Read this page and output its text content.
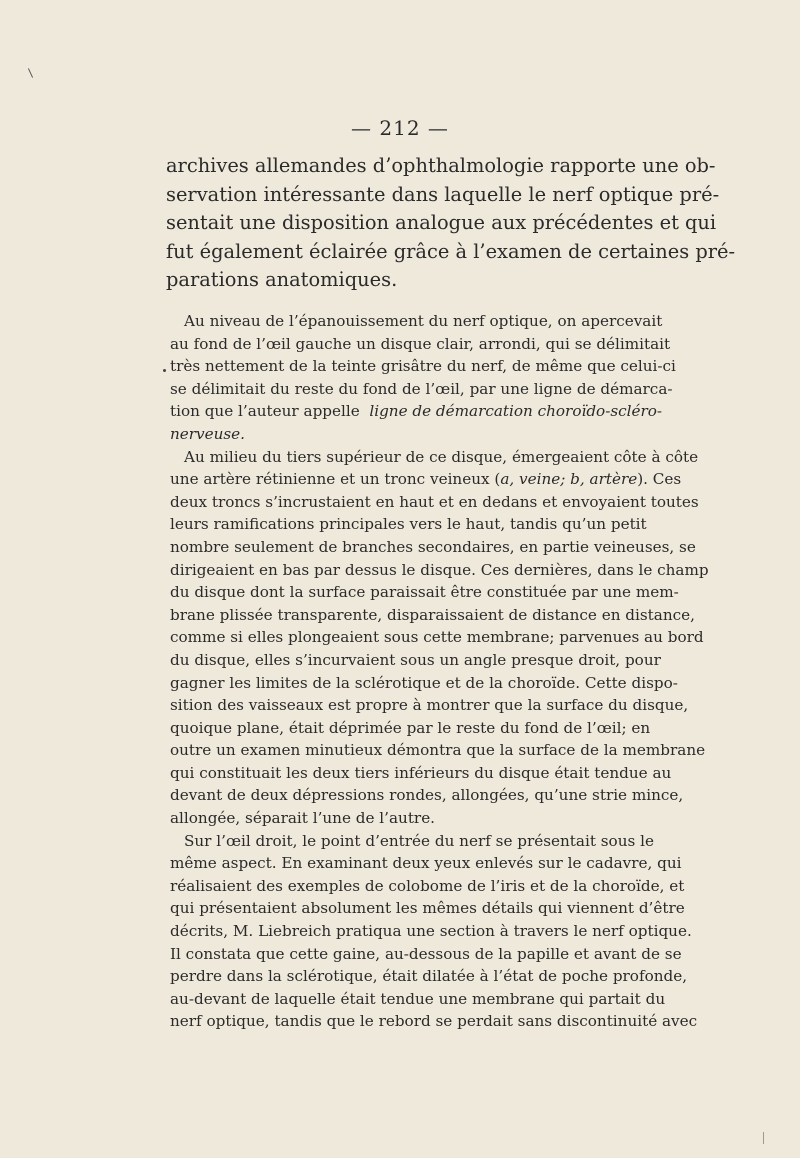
— 212 —
archives allemandes d’ophthalmologie rapporte une ob-
servation intéressante dans laquelle le nerf optique pré-
sentait une disposition analogue aux précédentes et qui
fut également éclairée grâce à l’examen de certaines pré-
parations anatomiques.
Au niveau de l’épanouissement du nerf optique, on apercevait
au fond de l’œil gauche un disque clair, arrondi, qui se délimitait
très nettement de la teinte grisâtre du nerf, de même que celui-ci
se délimitait du reste du fond de l’œil, par une ligne de démarca-
tion que l’auteur appelle ligne de démarcation choroïdo-scléro-
nerveuse.
Au milieu du tiers supérieur de ce disque, émergeaient côte à côte
une artère rétinienne et un tronc veineux (a, veine; b, artère). Ces
deux troncs s’incrustaient en haut et en dedans et envoyaient toutes
leurs ramifications principales vers le haut, tandis qu’un petit
nombre seulement de branches secondaires, en partie veineuses, se
dirigeaient en bas par dessus le disque. Ces dernières, dans le champ
du disque dont la surface paraissait être constituée par une mem-
brane plissée transparente, disparaissaient de distance en distance,
comme si elles plongeaient sous cette membrane; parvenues au bord
du disque, elles s’incurvaient sous un angle presque droit, pour
gagner les limites de la sclérotique et de la choroïde. Cette dispo-
sition des vaisseaux est propre à montrer que la surface du disque,
quoique plane, était déprimée par le reste du fond de l’œil; en
outre un examen minutieux démontra que la surface de la membrane
qui constituait les deux tiers inférieurs du disque était tendue au
devant de deux dépressions rondes, allongées, qu’une strie mince,
allongée, séparait l’une de l’autre.
Sur l’œil droit, le point d’entrée du nerf se présentait sous le
même aspect. En examinant deux yeux enlevés sur le cadavre, qui
réalisaient des exemples de colobome de l’iris et de la choroïde, et
qui présentaient absolument les mêmes détails qui viennent d’être
décrits, M. Liebreich pratiqua une section à travers le nerf optique.
Il constata que cette gaine, au-dessous de la papille et avant de se
perdre dans la sclérotique, était dilatée à l’état de poche profonde,
au-devant de laquelle était tendue une membrane qui partait du
nerf optique, tandis que le rebord se perdait sans discontinuité avec
